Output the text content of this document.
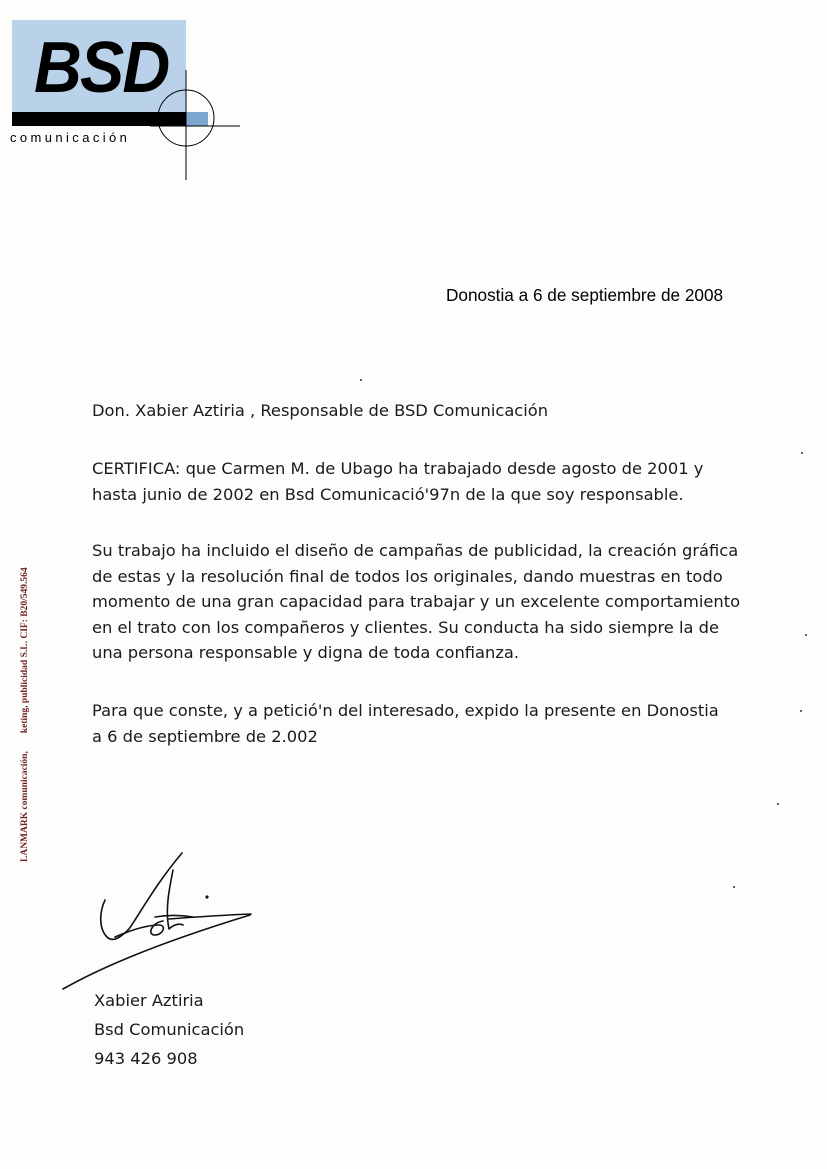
BSD
comunicación
Donostia a 6 de septiembre de 2008
Don. Xabier Aztiria , Responsable de BSD Comunicación
CERTIFICA: que Carmen M. de Ubago ha trabajado desde agosto de 2001 y
hasta junio de 2002 en Bsd Comunicació'97n de la que soy responsable.
Su trabajo ha incluido el diseño de campañas de publicidad, la creación gráfica
de estas y la resolución final de todos los originales, dando muestras en todo
momento de una gran capacidad para trabajar y un excelente comportamiento
en el trato con los compañeros y clientes. Su conducta ha sido siempre la de
una persona responsable y digna de toda confianza.
Para que conste, y a petició'n del interesado, expido la presente en Donostia
a 6 de septiembre de 2.002
Xabier Aztiria
Bsd Comunicación
943 426 908
LANMARK comunicación,keting, publicidad S.L. CIF: B20/549.564
